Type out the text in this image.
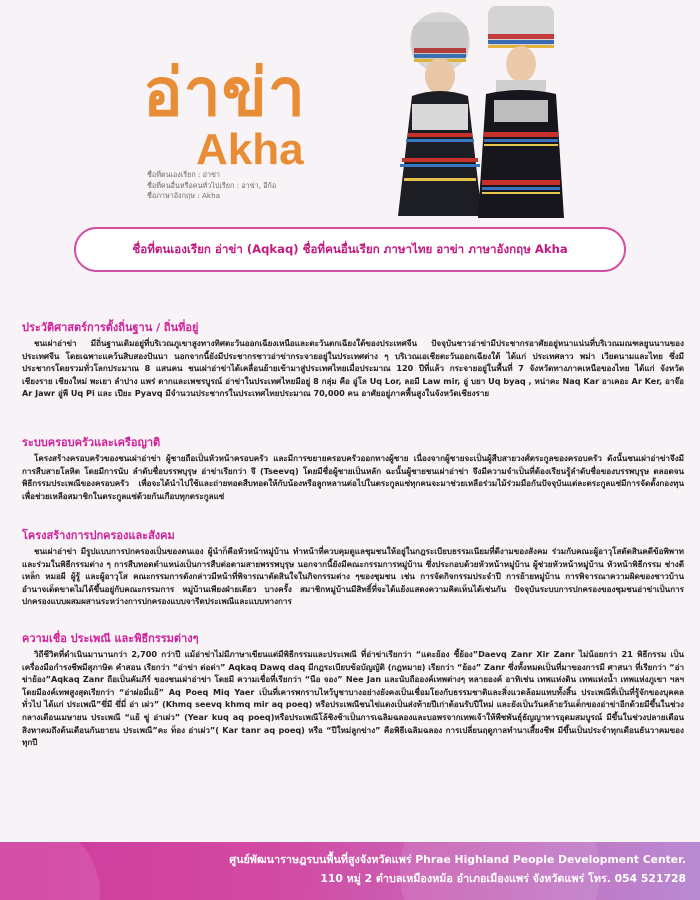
อ่าข่า
Akha
ชื่อที่ตนเองเรียก : อ่าข่า
ชื่อที่คนอื่นหรือคนทั่วไปเรียก : อาข่า, อีก้อ
ชื่อภาษาอังกฤษ : Akha
ชื่อที่ตนเองเรียก อ่าข่า (Aqkaq) ชื่อที่คนอื่นเรียก ภาษาไทย อาข่า ภาษาอังกฤษ Akha
ประวัติศาสตร์การตั้งถิ่นฐาน / ถิ่นที่อยู่
ชนเผ่าอ่าข่า มีถิ่นฐานเดิมอยู่ที่บริเวณภูเขาสูงทางทิศตะวันออกเฉียงเหนือและตะวันตกเฉียงใต้ของประเทศจีน ปัจจุบันชาวอ่าข่ามีประชากรอาศัยอยู่หนาแน่นที่บริเวณมณฑลยูนนานของประเทศจีน โดยเฉพาะแคว้นสิบสองปันนา นอกจากนี้ยังมีประชากรชาวอ่าข่ากระจายอยู่ในประเทศต่าง ๆ บริเวณเอเชียตะวันออกเฉียงใต้ ได้แก่ ประเทศลาว พม่า เวียดนามและไทย ซึ่งมีประชากรโดยรวมทั่วโลกประมาณ 8 แสนคน ชนเผ่าอ่าข่าได้เคลื่อนย้ายเข้ามาสู่ประเทศไทยเมื่อประมาณ 120 ปีที่แล้ว กระจายอยู่ในพื้นที่ 7 จังหวัดทางภาคเหนือของไทย ได้แก่ จังหวัดเชียงราย เชียงใหม่ พะเยา ลำปาง แพร่ ตากและเพชรบูรณ์ อ่าข่าในประเทศไทยมีอยู่ 8 กลุ่ม คือ อู่โล Uq Lor, ลอมี Law mir, อู่ บยา Uq byaq , หน่าคะ Naq Kar อาเคอะ Ar Ker, อาจ๊อ Ar Jawr อู่พี Uq Pi และ เปียะ Pyavq มีจำนวนประชากรในประเทศไทยประมาณ 70,000 คน อาศัยอยู่ภาคพื้นสูงในจังหวัดเชียงราย
ระบบครอบครัวและเครือญาติ
โครงสร้างครอบครัวของชนเผ่าอ่าข่า ผู้ชายถือเป็นหัวหน้าครอบครัว และมีการขยายครอบครัวออกทางผู้ชาย เนื่องจากผู้ชายจะเป็นผู้สืบสายวงศ์ตระกูลของครอบครัว ดังนั้นชนเผ่าอ่าข่าจึงมีการสืบสายโลหิต โดยมีการนับ ลำดับชื่อบรรพบุรุษ อ่าข่าเรียกว่า จึ (Tseevq) โดยมีชื่อผู้ชายเป็นหลัก ฉะนั้นผู้ชายชนเผ่าอ่าข่า จึงมีความจำเป็นที่ต้องเรียนรู้ลำดับชื่อของบรรพบุรุษ ตลอดจนพิธีกรรมประเพณีของครอบครัว เพื่อจะได้นำไปใช้และถ่ายทอดสืบทอดให้กับน้องหรือลูกหลานต่อไปในตระกูลแซ่ทุกคนจะมาช่วยเหลือร่วมไม้ร่วมมือกันปัจจุบันแต่ละตระกูลแซ่มีการจัดตั้งกองทุน เพื่อช่วยเหลือสมาชิกในตระกูลแซ่ด้วยกันเกือบทุกตระกูลแซ่
โครงสร้างการปกครองและสังคม
ชนเผ่าอ่าข่า มีรูปแบบการปกครองเป็นของตนเอง ผู้นำก็คือหัวหน้าหมู่บ้าน ทำหน้าที่ควบคุมดูแลชุมชนให้อยู่ในกฎระเบียบธรรมเนียมที่ดีงามของสังคม ร่วมกับคณะผู้อาวุโสตัดสินคดีข้อพิพาทและร่วมในพิธีกรรมต่าง ๆ การสืบทอดตำแหน่งเป็นการสืบต่อตามสายพรรพบุรุษ นอกจากนี้ยังมีคณะกรรมการหมู่บ้าน ซึ่งประกอบด้วยหัวหน้าหมู่บ้าน ผู้ช่วยหัวหน้าหมู่บ้าน หัวหน้าพิธีกรรม ช่างตีเหล็ก หมอผี ผู้รู้ และผู้อาวุโส คณะกรรมการดังกล่าวมีหน้าที่พิจารณาตัดสินใจในกิจกรรมต่าง ๆของชุมชน เช่น การจัดกิจกรรมประจำปี การย้ายหมู่บ้าน การพิจารณาความผิดของชาวบ้าน อำนาจเด็ดขาดไม่ได้ขึ้นอยู่กับคณะกรรมการ หมู่บ้านเพียงฝ่ายเดียว บางครั้ง สมาชิกหมู่บ้านมีสิทธิ์ที่จะได้แย้งแสดงความคิดเห็นได้เช่นกัน ปัจจุบันระบบการปกครองของชุมชนอ่าข่าเป็นการปกครองแบบผสมผสานระหว่างการปกครองแบบจารีตประเพณีและแบบทางการ
ความเชื่อ ประเพณี และพิธีกรรมต่างๆ
วิถีชีวิตที่ดำเนินมานานกว่า 2,700 กว่าปี แม้อ่าข่าไม่มีภาษาเขียนแต่มีพิธีกรรมและประเพณี ที่อ่าข่าเรียกว่า “แดะย้อง ซี้ย้อง”Daevq Zanr Xir Zanr ไม่น้อยกว่า 21 พิธีกรรม เป็นเครื่องมือกำรงชีพมีสุภาษิต คำสอน เรียกว่า “อ่าข่า ด่อด่า” Aqkaq Dawq daq มีกฎระเบียบข้อบัญญัติ (กฎหมาย) เรียกว่า “ย้อง” Zanr ซึ่งทั้งหมดเป็นที่มาของการมี ศาสนา ที่เรียกว่า “อ่าข่าย้อง”Aqkaq Zanr ถือเป็นคัมภีร์ ของชนเผ่าอ่าข่า โดยมี ความเชื่อที่เรียกว่า “นือ จอง” Nee Jan และนับถือองค์เทพต่างๆ หลายองค์ อาทิเช่น เทพแห่งดิน เทพแห่งน้ำ เทพแห่งภูเขา ฯลฯ โดยมีองค์เทพสูงสุดเรียกว่า “อ่าผ่อมี่แย้” Aq Poeq Miq Yaer เป็นที่เคารพกราบไหว้บูชาบางอย่างยังคงเป็นเชื่อมโยงกับธรรมชาติและสิ่งแวดล้อมแทบทั้งสิ้น ประเพณีที่เป็นที่รู้จักของบุคคลทั่วไป ได้แก่ ประเพณี”ขึ่มี ขึ่มี่ อ่า เผ่ว” (Khmq seevq khmq mir aq poeq) หรือประเพณีชนไข่แดงเป็นส่งท้ายปีเก่าต้อนรับปีใหม่ และยังเป็นวันคล้ายวันเด็กของอ่าข่าอีกด้วยมีขึ้นในช่วงกลางเดือนเมษายน ประเพณี “แย้ ขู่ อ่าเผ่ว” (Year kuq aq poeq)หรือประเพณีโล้ชิงช้าเป็นการเฉลิมฉลองและบอพรจากเทพเจ้าให้พืชพันธุ์ธัญญาหารอุดมสมบูรณ์ มีขึ้นในช่วงปลายเดือนสิงหาคมถึงต้นเดือนกันยายน ประเพณี”คะ ท็อง อ่าเผ่ว”( Kar tanr aq poeq) หรือ “ปีใหม่ลูกข่าง” คือพิธีเฉลิมฉลอง การเปลี่ยนฤดูกาลทำนาเสี้ยงชีพ มีขึ้นเป็นประจำทุกเดือนธันวาคมของทุกปี
ศูนย์พัฒนาราษฎรบนพื้นที่สูงจังหวัดแพร่ Phrae Highland People Development Center.
110 หมู่ 2 ตำบลเหมืองหม้อ อำเภอเมืองแพร่ จังหวัดแพร่ โทร. 054 521728
